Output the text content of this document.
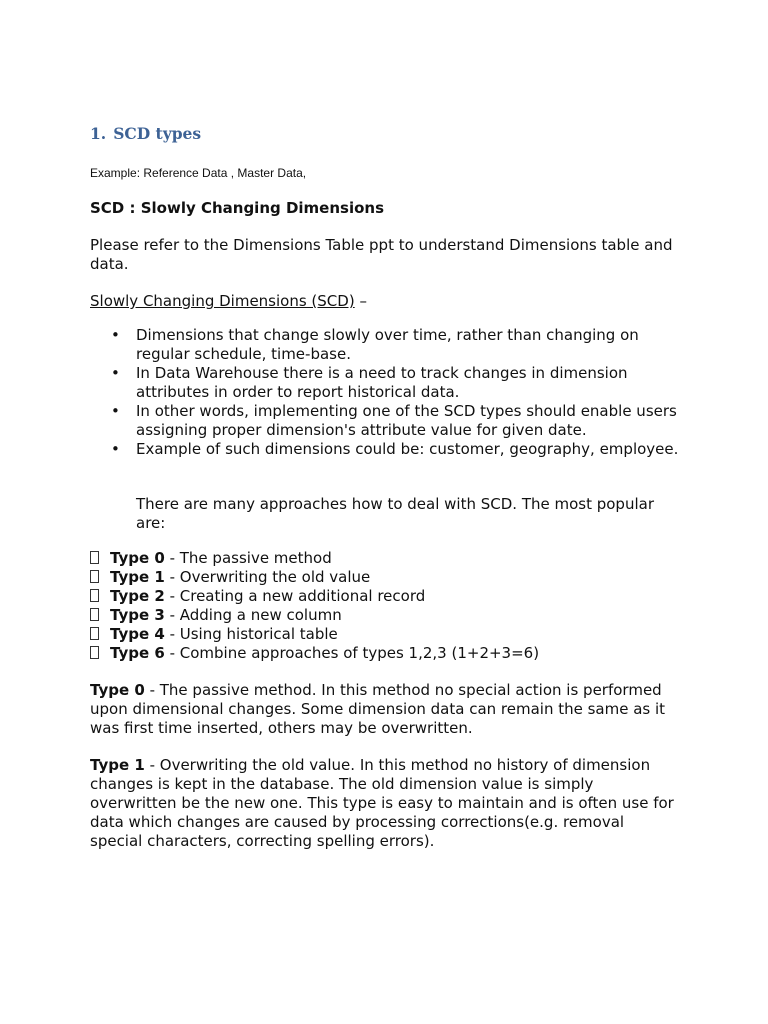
1. SCD types

Example: Reference Data , Master Data,

SCD : Slowly Changing Dimensions

Please refer to the Dimensions Table ppt to understand Dimensions table and data.

Slowly Changing Dimensions (SCD) –

• Dimensions that change slowly over time, rather than changing on regular schedule, time-base.
• In Data Warehouse there is a need to track changes in dimension attributes in order to report historical data.
• In other words, implementing one of the SCD types should enable users assigning proper dimension's attribute value for given date.
• Example of such dimensions could be: customer, geography, employee.

There are many approaches how to deal with SCD. The most popular are:

Type 0 - The passive method
Type 1 - Overwriting the old value
Type 2 - Creating a new additional record
Type 3 - Adding a new column
Type 4 - Using historical table
Type 6 - Combine approaches of types 1,2,3 (1+2+3=6)

Type 0 - The passive method. In this method no special action is performed upon dimensional changes. Some dimension data can remain the same as it was first time inserted, others may be overwritten.

Type 1 - Overwriting the old value. In this method no history of dimension changes is kept in the database. The old dimension value is simply overwritten be the new one. This type is easy to maintain and is often use for data which changes are caused by processing corrections(e.g. removal special characters, correcting spelling errors).
